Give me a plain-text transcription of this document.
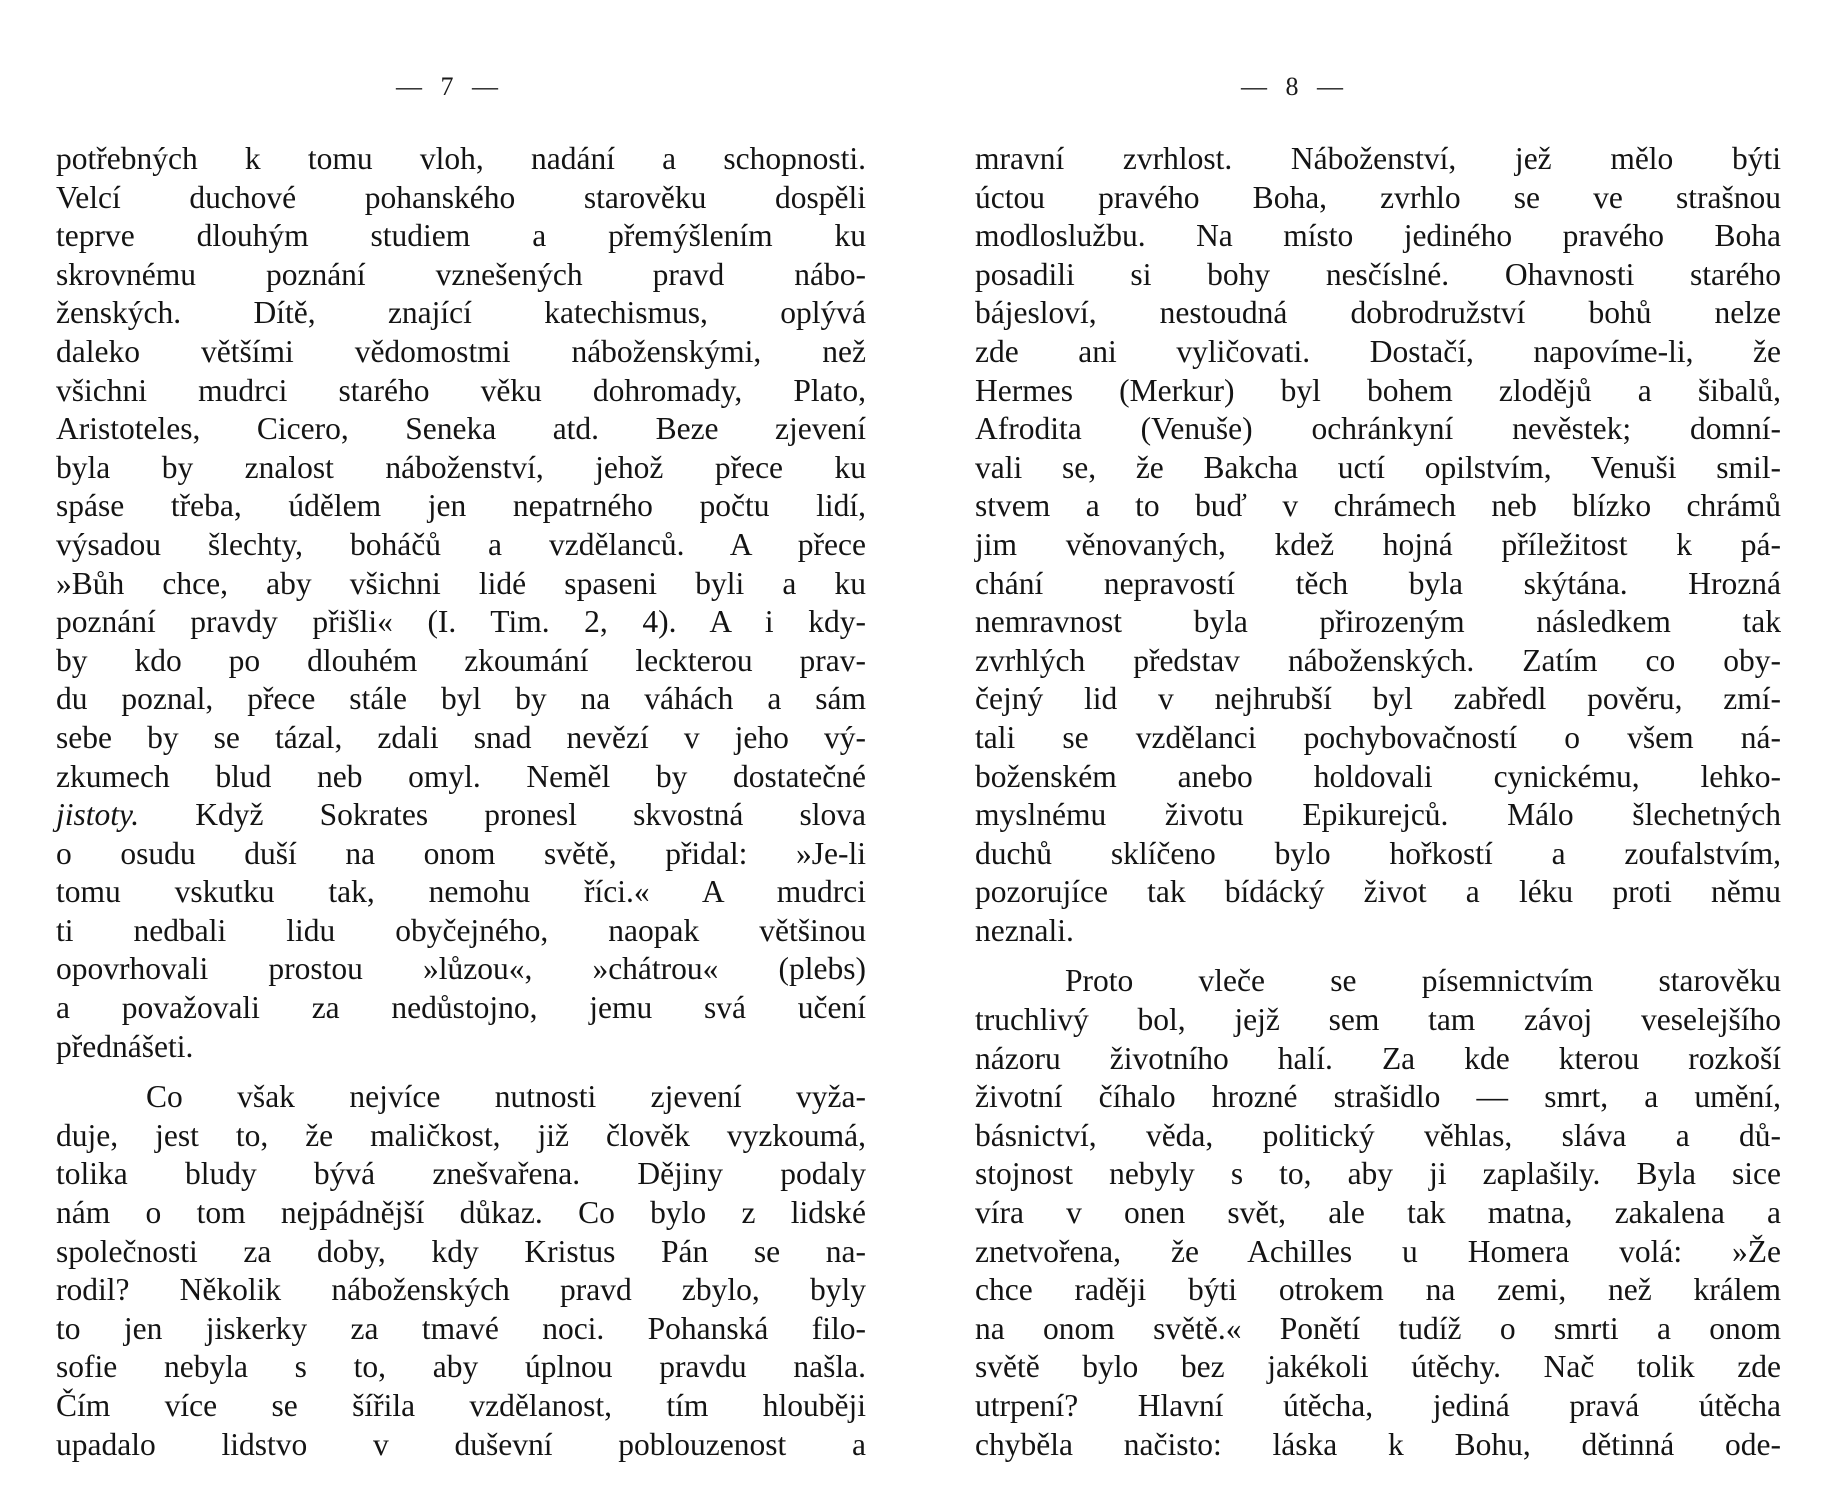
— 7 —
potřebných k tomu vloh, nadání a schopnosti.
Velcí duchové pohanského starověku dospěli
teprve dlouhým studiem a přemýšlením ku
skrovnému poznání vznešených pravd nábo-
ženských. Dítě, znající katechismus, oplývá
daleko většími vědomostmi náboženskými, než
všichni mudrci starého věku dohromady, Plato,
Aristoteles, Cicero, Seneka atd. Beze zjevení
byla by znalost náboženství, jehož přece ku
spáse třeba, údělem jen nepatrného počtu lidí,
výsadou šlechty, boháčů a vzdělanců. A přece
»Bůh chce, aby všichni lidé spaseni byli a ku
poznání pravdy přišli« (I. Tim. 2, 4). A i kdy-
by kdo po dlouhém zkoumání leckterou prav-
du poznal, přece stále byl by na váhách a sám
sebe by se tázal, zdali snad nevězí v jeho vý-
zkumech blud neb omyl. Neměl by dostatečné
jistoty. Když Sokrates pronesl skvostná slova
o osudu duší na onom světě, přidal: »Je-li
tomu vskutku tak, nemohu říci.« A mudrci
ti nedbali lidu obyčejného, naopak většinou
opovrhovali prostou »lůzou«, »chátrou« (plebs)
a považovali za nedůstojno, jemu svá učení
přednášeti.
Co však nejvíce nutnosti zjevení vyža-
duje, jest to, že maličkost, již člověk vyzkoumá,
tolika bludy bývá znešvařena. Dějiny podaly
nám o tom nejpádnější důkaz. Co bylo z lidské
společnosti za doby, kdy Kristus Pán se na-
rodil? Několik náboženských pravd zbylo, byly
to jen jiskerky za tmavé noci. Pohanská filo-
sofie nebyla s to, aby úplnou pravdu našla.
Čím více se šířila vzdělanost, tím hlouběji
upadalo lidstvo v duševní poblouzenost a
— 8 —
mravní zvrhlost. Náboženství, jež mělo býti
úctou pravého Boha, zvrhlo se ve strašnou
modloslužbu. Na místo jediného pravého Boha
posadili si bohy nesčíslné. Ohavnosti starého
bájesloví, nestoudná dobrodružství bohů nelze
zde ani vyličovati. Dostačí, napovíme-li, že
Hermes (Merkur) byl bohem zlodějů a šibalů,
Afrodita (Venuše) ochránkyní nevěstek; domní-
vali se, že Bakcha uctí opilstvím, Venuši smil-
stvem a to buď v chrámech neb blízko chrámů
jim věnovaných, kdež hojná příležitost k pá-
chání nepravostí těch byla skýtána. Hrozná
nemravnost byla přirozeným následkem tak
zvrhlých představ náboženských. Zatím co oby-
čejný lid v nejhrubší byl zabředl pověru, zmí-
tali se vzdělanci pochybovačností o všem ná-
boženském anebo holdovali cynickému, lehko-
myslnému životu Epikurejců. Málo šlechetných
duchů sklíčeno bylo hořkostí a zoufalstvím,
pozorujíce tak bídácký život a léku proti němu
neznali.
Proto vleče se písemnictvím starověku
truchlivý bol, jejž sem tam závoj veselejšího
názoru životního halí. Za kde kterou rozkoší
životní číhalo hrozné strašidlo — smrt, a umění,
básnictví, věda, politický věhlas, sláva a dů-
stojnost nebyly s to, aby ji zaplašily. Byla sice
víra v onen svět, ale tak matna, zakalena a
znetvořena, že Achilles u Homera volá: »Že
chce raději býti otrokem na zemi, než králem
na onom světě.« Ponětí tudíž o smrti a onom
světě bylo bez jakékoli útěchy. Nač tolik zde
utrpení? Hlavní útěcha, jediná pravá útěcha
chyběla načisto: láska k Bohu, dětinná ode-
